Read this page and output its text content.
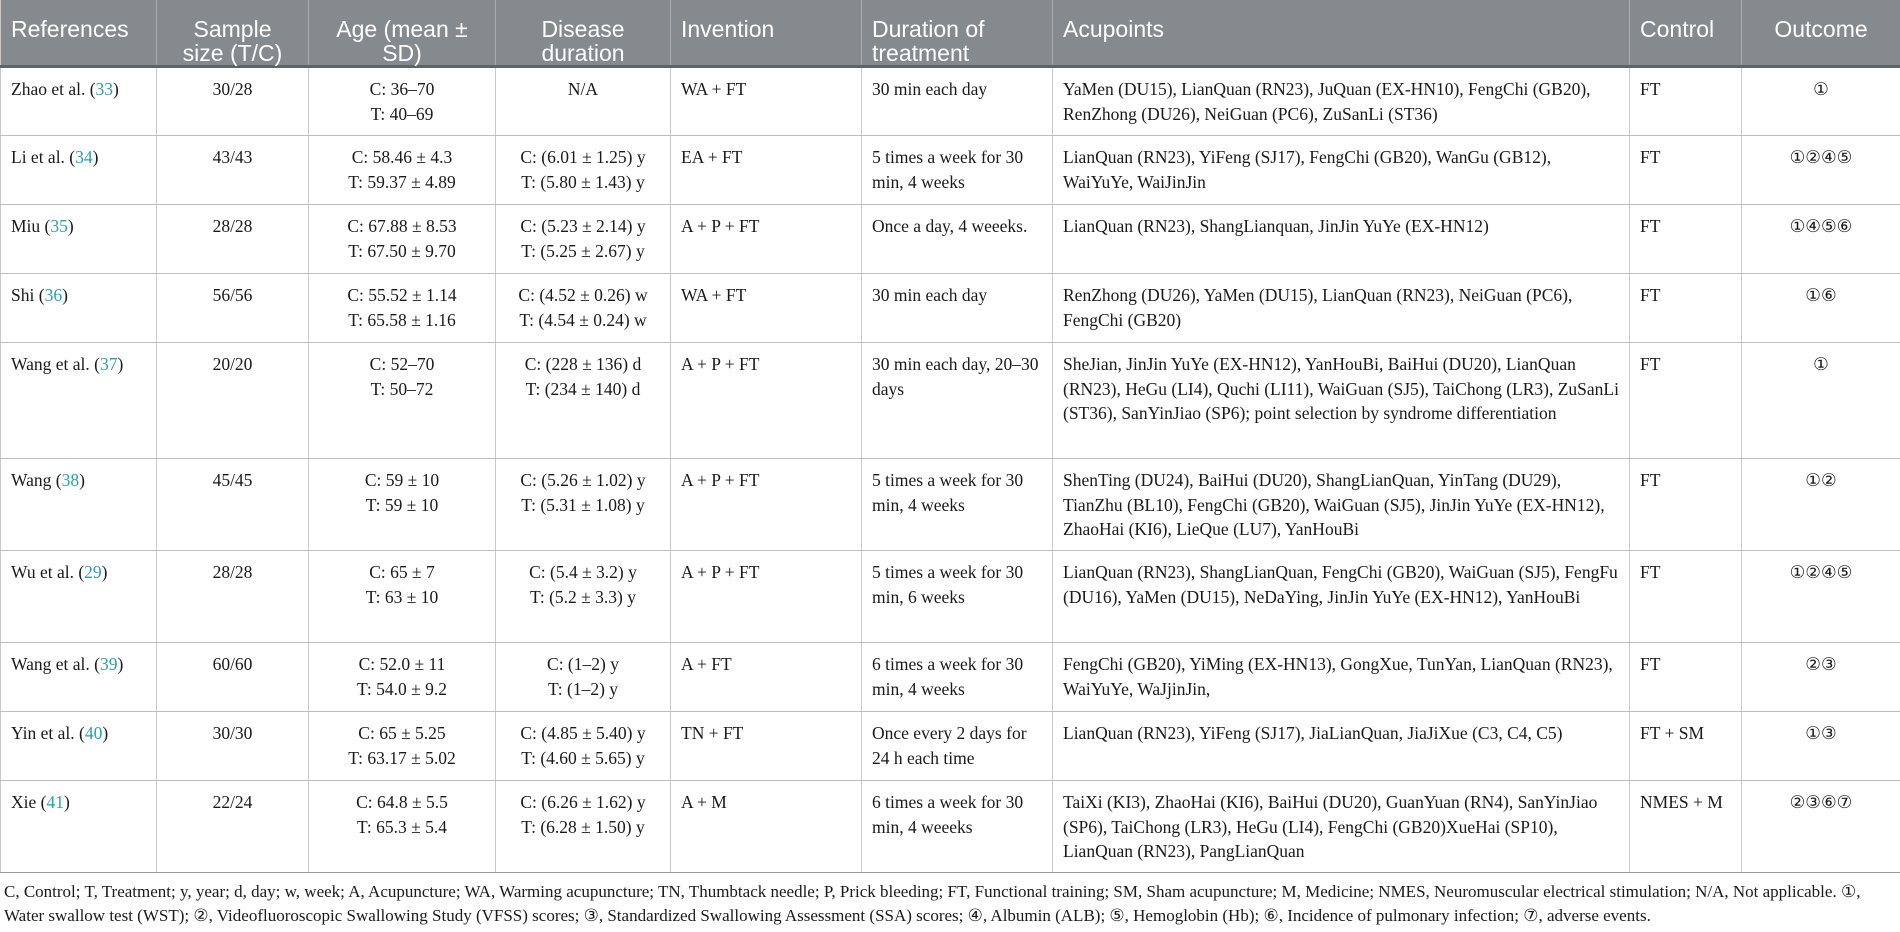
References	Sample
size (T/C)	Age (mean ±
SD)	Disease
duration	Invention	Duration of
treatment	Acupoints	Control	Outcome

Zhao et al. (33)	30/28	C: 36–70
T: 40–69	N/A	WA + FT	30 min each day	YaMen (DU15), LianQuan (RN23), JuQuan (EX-HN10), FengChi (GB20), RenZhong (DU26), NeiGuan (PC6), ZuSanLi (ST36)	FT	①
Li et al. (34)	43/43	C: 58.46 ± 4.3
T: 59.37 ± 4.89	C: (6.01 ± 1.25) y
T: (5.80 ± 1.43) y	EA + FT	5 times a week for 30 min, 4 weeks	LianQuan (RN23), YiFeng (SJ17), FengChi (GB20), WanGu (GB12), WaiYuYe, WaiJinJin	FT	①②④⑤
Miu (35)	28/28	C: 67.88 ± 8.53
T: 67.50 ± 9.70	C: (5.23 ± 2.14) y
T: (5.25 ± 2.67) y	A + P + FT	Once a day, 4 weeeks.	LianQuan (RN23), ShangLianquan, JinJin YuYe (EX-HN12)	FT	①④⑤⑥
Shi (36)	56/56	C: 55.52 ± 1.14
T: 65.58 ± 1.16	C: (4.52 ± 0.26) w
T: (4.54 ± 0.24) w	WA + FT	30 min each day	RenZhong (DU26), YaMen (DU15), LianQuan (RN23), NeiGuan (PC6), FengChi (GB20)	FT	①⑥
Wang et al. (37)	20/20	C: 52–70
T: 50–72	C: (228 ± 136) d
T: (234 ± 140) d	A + P + FT	30 min each day, 20–30 days	SheJian, JinJin YuYe (EX-HN12), YanHouBi, BaiHui (DU20), LianQuan (RN23), HeGu (LI4), Quchi (LI11), WaiGuan (SJ5), TaiChong (LR3), ZuSanLi (ST36), SanYinJiao (SP6); point selection by syndrome differentiation	FT	①
Wang (38)	45/45	C: 59 ± 10
T: 59 ± 10	C: (5.26 ± 1.02) y
T: (5.31 ± 1.08) y	A + P + FT	5 times a week for 30 min, 4 weeks	ShenTing (DU24), BaiHui (DU20), ShangLianQuan, YinTang (DU29), TianZhu (BL10), FengChi (GB20), WaiGuan (SJ5), JinJin YuYe (EX-HN12), ZhaoHai (KI6), LieQue (LU7), YanHouBi	FT	①②
Wu et al. (29)	28/28	C: 65 ± 7
T: 63 ± 10	C: (5.4 ± 3.2) y
T: (5.2 ± 3.3) y	A + P + FT	5 times a week for 30 min, 6 weeks	LianQuan (RN23), ShangLianQuan, FengChi (GB20), WaiGuan (SJ5), FengFu (DU16), YaMen (DU15), NeDaYing, JinJin YuYe (EX-HN12), YanHouBi	FT	①②④⑤
Wang et al. (39)	60/60	C: 52.0 ± 11
T: 54.0 ± 9.2	C: (1–2) y
T: (1–2) y	A + FT	6 times a week for 30 min, 4 weeks	FengChi (GB20), YiMing (EX-HN13), GongXue, TunYan, LianQuan (RN23), WaiYuYe, WaJjinJin,	FT	②③
Yin et al. (40)	30/30	C: 65 ± 5.25
T: 63.17 ± 5.02	C: (4.85 ± 5.40) y
T: (4.60 ± 5.65) y	TN + FT	Once every 2 days for 24 h each time	LianQuan (RN23), YiFeng (SJ17), JiaLianQuan, JiaJiXue (C3, C4, C5)	FT + SM	①③
Xie (41)	22/24	C: 64.8 ± 5.5
T: 65.3 ± 5.4	C: (6.26 ± 1.62) y
T: (6.28 ± 1.50) y	A + M	6 times a week for 30 min, 4 weeeks	TaiXi (KI3), ZhaoHai (KI6), BaiHui (DU20), GuanYuan (RN4), SanYinJiao (SP6), TaiChong (LR3), HeGu (LI4), FengChi (GB20)XueHai (SP10), LianQuan (RN23), PangLianQuan	NMES + M	②③⑥⑦
C, Control; T, Treatment; y, year; d, day; w, week; A, Acupuncture; WA, Warming acupuncture; TN, Thumbtack needle; P, Prick bleeding; FT, Functional training; SM, Sham acupuncture; M, Medicine; NMES, Neuromuscular electrical stimulation; N/A, Not applicable. ①, Water swallow test (WST); ②, Videofluoroscopic Swallowing Study (VFSS) scores; ③, Standardized Swallowing Assessment (SSA) scores; ④, Albumin (ALB); ⑤, Hemoglobin (Hb); ⑥, Incidence of pulmonary infection; ⑦, adverse events.
